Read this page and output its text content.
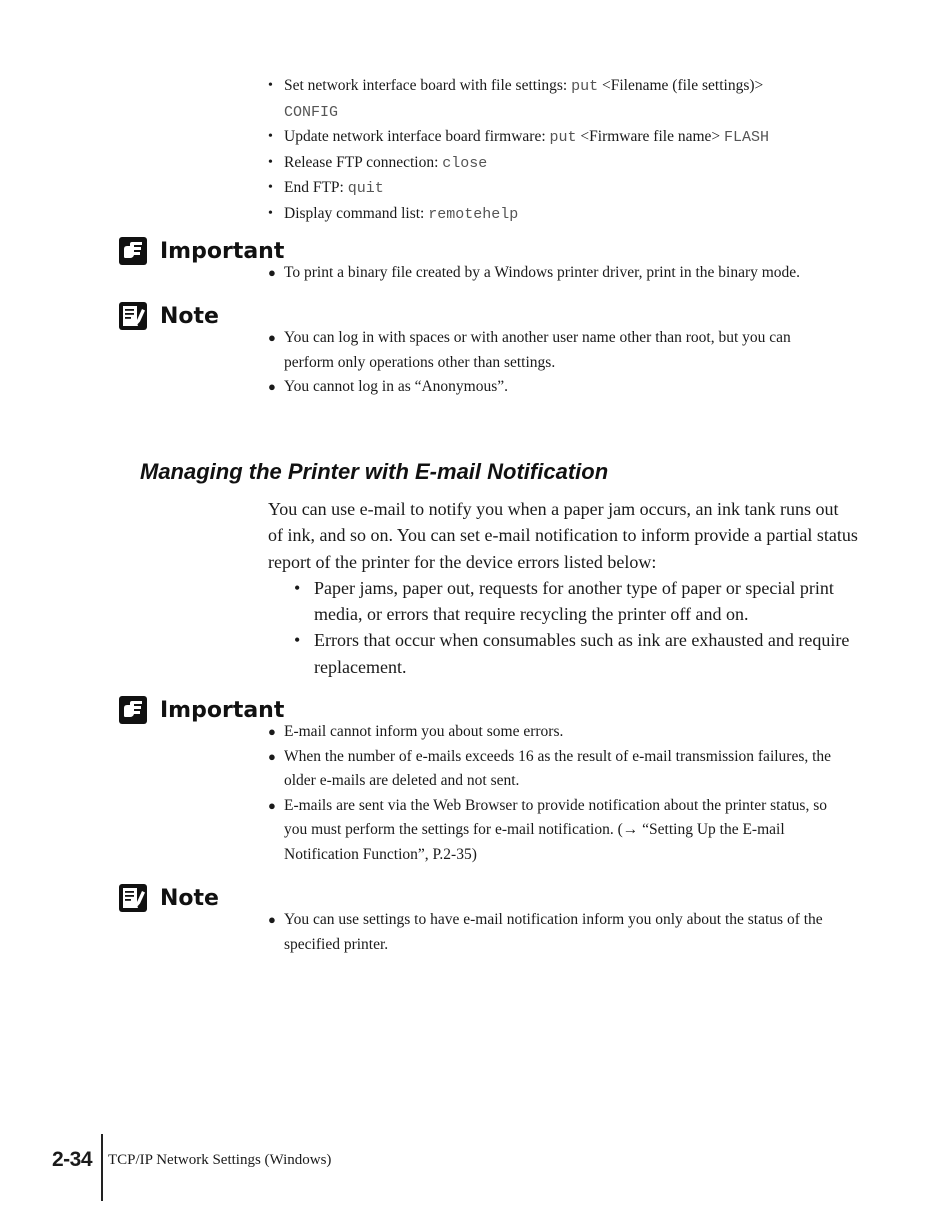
• Set network interface board with file settings: put <Filename (file settings)>
CONFIG
• Update network interface board firmware: put <Firmware file name> FLASH
• Release FTP connection: close
• End FTP: quit
• Display command list: remotehelp
Important
● To print a binary file created by a Windows printer driver, print in the binary mode.
Note
● You can log in with spaces or with another user name other than root, but you can perform only operations other than settings.
● You cannot log in as “Anonymous”.
Managing the Printer with E-mail Notification

You can use e-mail to notify you when a paper jam occurs, an ink tank runs out of ink, and so on. You can set e-mail notification to inform provide a partial status report of the printer for the device errors listed below:

• Paper jams, paper out, requests for another type of paper or special print media, or errors that require recycling the printer off and on.
• Errors that occur when consumables such as ink are exhausted and require replacement.
Important
● E-mail cannot inform you about some errors.
● When the number of e-mails exceeds 16 as the result of e-mail transmission failures, the older e-mails are deleted and not sent.
● E-mails are sent via the Web Browser to provide notification about the printer status, so you must perform the settings for e-mail notification. (→ “Setting Up the E-mail Notification Function”, P.2-35)
Note
● You can use settings to have e-mail notification inform you only about the status of the specified printer.

2-34 TCP/IP Network Settings (Windows)
